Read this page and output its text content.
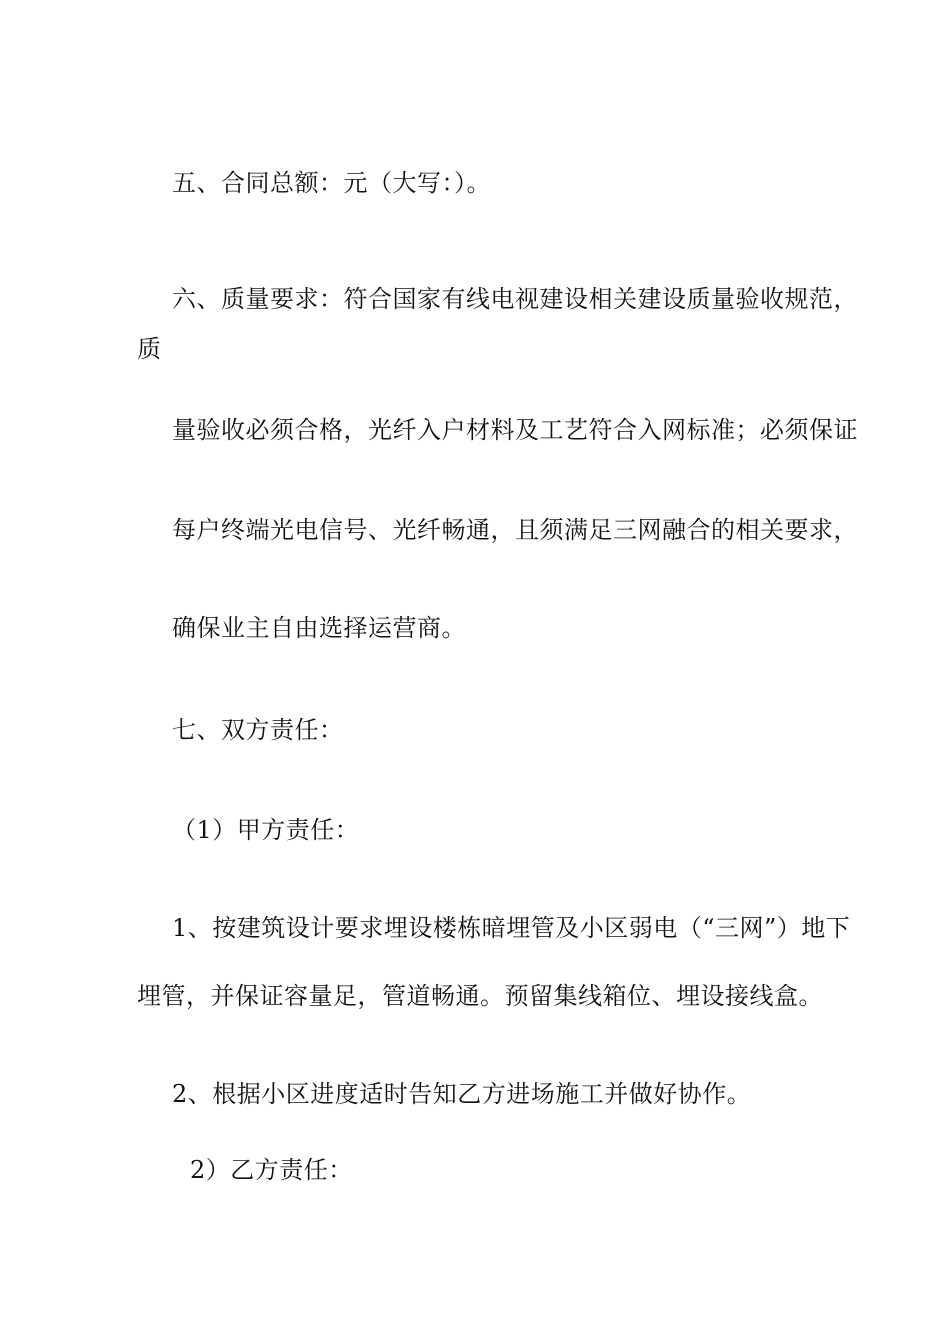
五、合同总额：元（大写：）。
六、质量要求：符合国家有线电视建设相关建设质量验收规范，
质
量验收必须合格，光纤入户材料及工艺符合入网标准；必须保证
每户终端光电信号、光纤畅通，且须满足三网融合的相关要求，
确保业主自由选择运营商。
七、双方责任：
（1）甲方责任：
1、按建筑设计要求埋设楼栋暗埋管及小区弱电（“三网”）地下
埋管，并保证容量足，管道畅通。预留集线箱位、埋设接线盒。
2、根据小区进度适时告知乙方进场施工并做好协作。
2）乙方责任：
